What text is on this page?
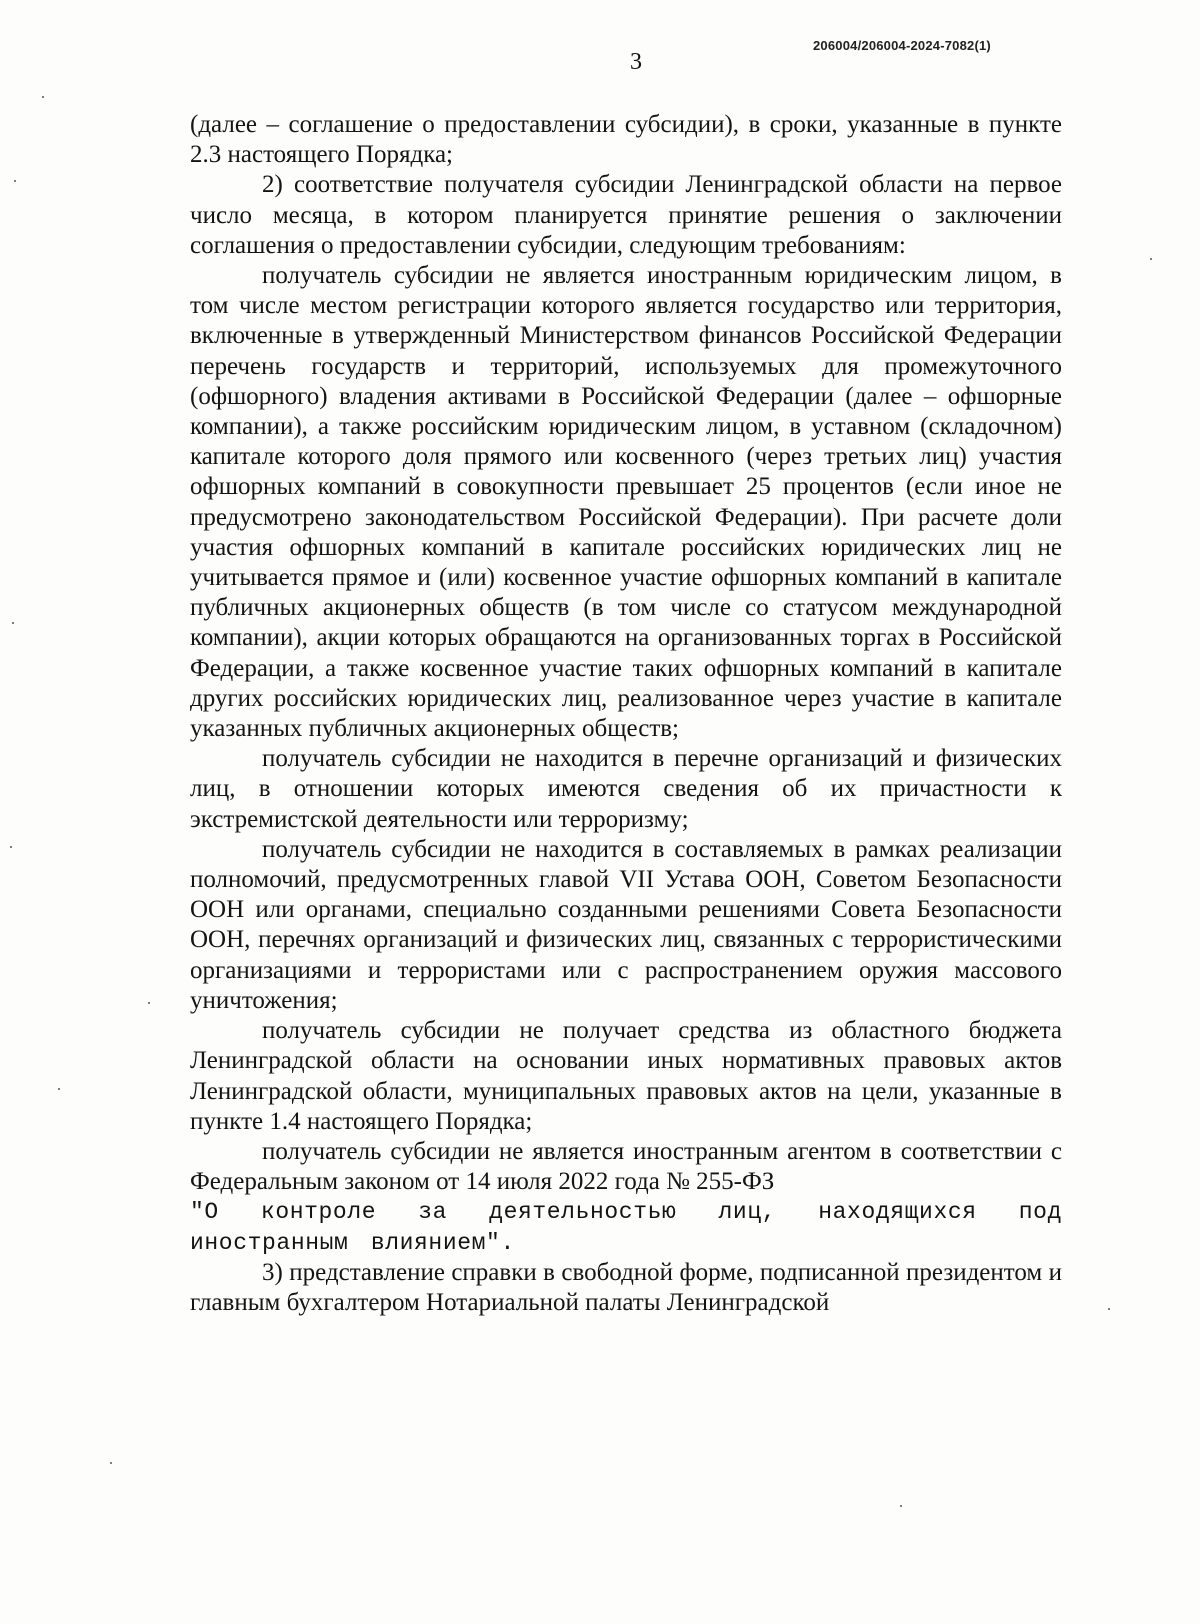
206004/206004-2024-7082(1)
3

(далее – соглашение о предоставлении субсидии), в сроки, указанные в пункте 2.3 настоящего Порядка;

2) соответствие получателя субсидии Ленинградской области на первое число месяца, в котором планируется принятие решения о заключении соглашения о предоставлении субсидии, следующим требованиям:

получатель субсидии не является иностранным юридическим лицом, в том числе местом регистрации которого является государство или территория, включенные в утвержденный Министерством финансов Российской Федерации перечень государств и территорий, используемых для промежуточного (офшорного) владения активами в Российской Федерации (далее – офшорные компании), а также российским юридическим лицом, в уставном (складочном) капитале которого доля прямого или косвенного (через третьих лиц) участия офшорных компаний в совокупности превышает 25 процентов (если иное не предусмотрено законодательством Российской Федерации). При расчете доли участия офшорных компаний в капитале российских юридических лиц не учитывается прямое и (или) косвенное участие офшорных компаний в капитале публичных акционерных обществ (в том числе со статусом международной компании), акции которых обращаются на организованных торгах в Российской Федерации, а также косвенное участие таких офшорных компаний в капитале других российских юридических лиц, реализованное через участие в капитале указанных публичных акционерных обществ;

получатель субсидии не находится в перечне организаций и физических лиц, в отношении которых имеются сведения об их причастности к экстремистской деятельности или терроризму;

получатель субсидии не находится в составляемых в рамках реализации полномочий, предусмотренных главой VII Устава ООН, Советом Безопасности ООН или органами, специально созданными решениями Совета Безопасности ООН, перечнях организаций и физических лиц, связанных с террористическими организациями и террористами или с распространением оружия массового уничтожения;

получатель субсидии не получает средства из областного бюджета Ленинградской области на основании иных нормативных правовых актов Ленинградской области, муниципальных правовых актов на цели, указанные в пункте 1.4 настоящего Порядка;

получатель субсидии не является иностранным агентом в соответствии с Федеральным законом от 14 июля 2022 года № 255-ФЗ

"О контроле за деятельностью лиц, находящихся под иностранным влиянием".

3) представление справки в свободной форме, подписанной президентом и главным бухгалтером Нотариальной палаты Ленинградской
